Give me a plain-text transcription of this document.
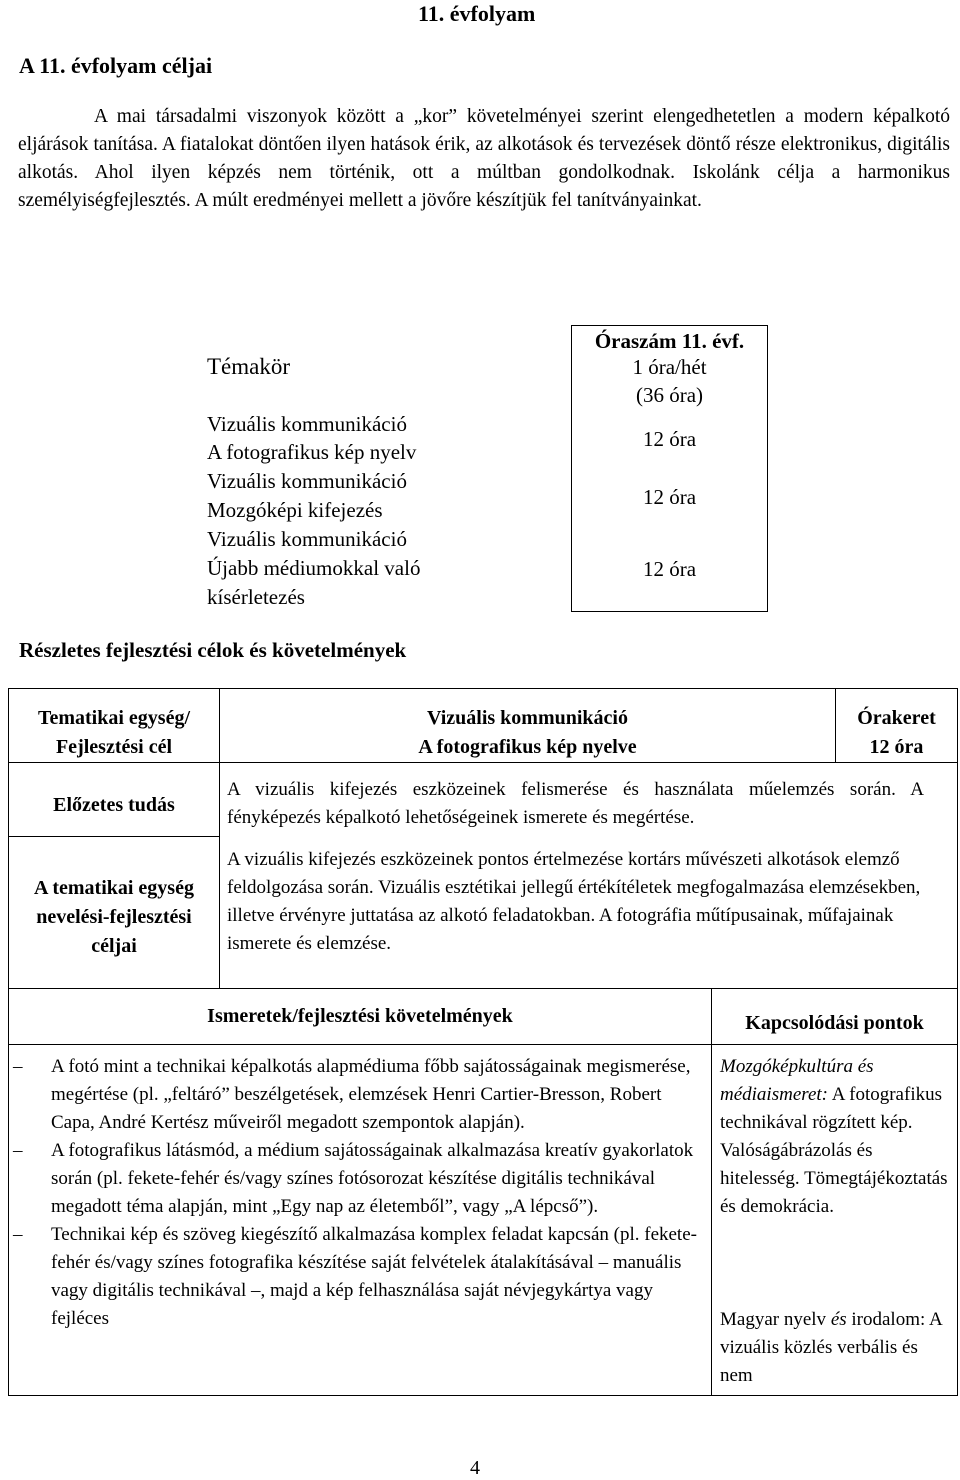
11. évfolyam
A 11. évfolyam céljai

A mai társadalmi viszonyok között a „kor” követelményei szerint elengedhetetlen a modern képalkotó eljárások tanítása. A fiatalokat döntően ilyen hatások érik, az alkotások és tervezések döntő része elektronikus, digitális alkotás. Ahol ilyen képzés nem történik, ott a múltban gondolkodnak. Iskolánk célja a harmonikus személyiségfejlesztés. A múlt eredményei mellett a jövőre készítjük fel tanítványainkat.

Témakör
Óraszám 11. évf.
1 óra/hét
(36 óra)
Vizuális kommunikáció
A fotografikus kép nyelv
12 óra
Vizuális kommunikáció
Mozgóképi kifejezés
12 óra
Vizuális kommunikáció
Újabb médiumokkal való
kísérletezés
12 óra
Részletes fejlesztési célok és követelmények
Tematikai egység/
Fejlesztési cél
Vizuális kommunikáció
A fotografikus kép nyelve
Órakeret
12 óra
Előzetes tudás
A vizuális kifejezés eszközeinek felismerése és használata műelemzés során. A fényképezés képalkotó lehetőségeinek ismerete és megértése.
A tematikai egység
nevelési-fejlesztési
céljai
A vizuális kifejezés eszközeinek pontos értelmezése kortárs művészeti alkotások elemző feldolgozása során. Vizuális esztétikai jellegű értékítéletek megfogalmazása elemzésekben, illetve érvényre juttatása az alkotó feladatokban. A fotográfia műtípusainak, műfajainak ismerete és elemzése.
Ismeretek/fejlesztési követelmények	Kapcsolódási pontok
– A fotó mint a technikai képalkotás alapmédiuma főbb sajátosságainak megismerése, megértése (pl. „feltáró” beszélgetések, elemzések Henri Cartier-Bresson, Robert Capa, André Kertész műveiről megadott szempontok alapján).
– A fotografikus látásmód, a médium sajátosságainak alkalmazása kreatív gyakorlatok során (pl. fekete-fehér és/vagy színes fotósorozat készítése digitális technikával megadott téma alapján, mint „Egy nap az életemből”, vagy „A lépcső”).
– Technikai kép és szöveg kiegészítő alkalmazása komplex feladat kapcsán (pl. fekete-fehér és/vagy színes fotografika készítése saját felvételek átalakításával – manuális vagy digitális technikával –, majd a kép felhasználása saját névjegykártya vagy fejléces
Mozgóképkultúra és médiaismeret: A fotografikus technikával rögzített kép. Valóságábrázolás és hitelesség. Tömegtájékoztatás és demokrácia.
Magyar nyelv és irodalom: A vizuális közlés verbális és nem
4
